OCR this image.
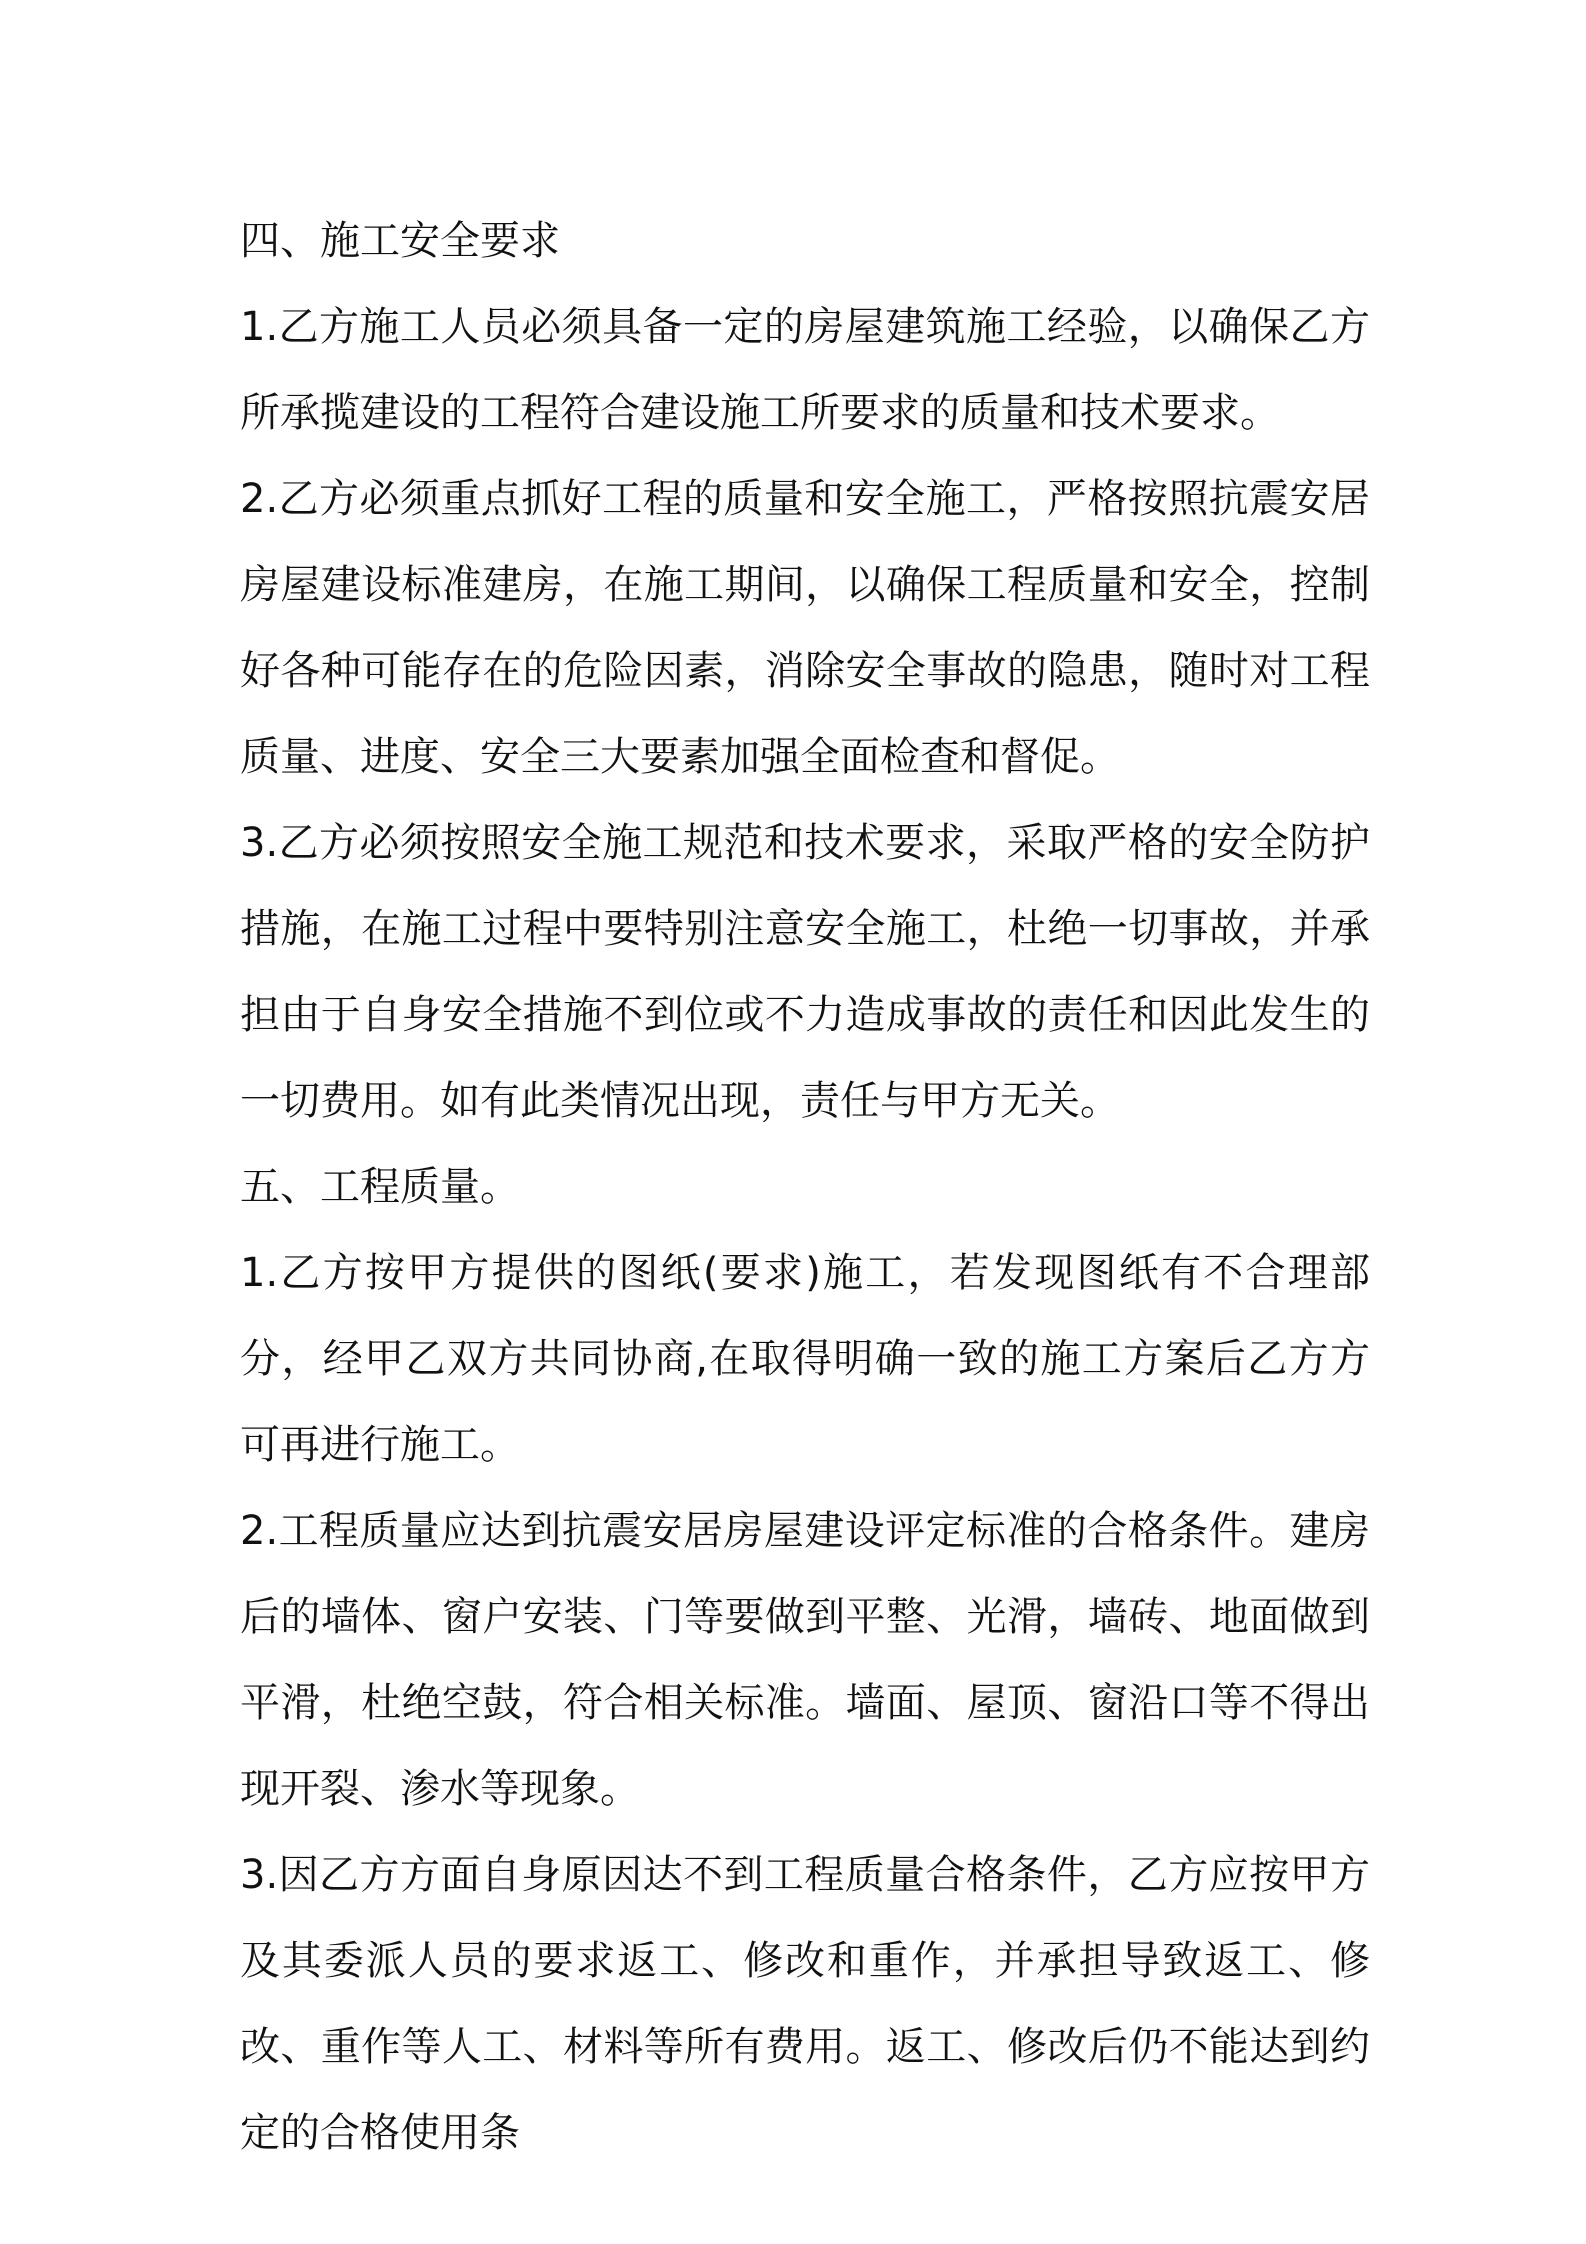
四、施工安全要求

1.乙方施工人员必须具备一定的房屋建筑施工经验，以确保乙方所承揽建设的工程符合建设施工所要求的质量和技术要求。

2.乙方必须重点抓好工程的质量和安全施工，严格按照抗震安居房屋建设标准建房，在施工期间，以确保工程质量和安全，控制好各种可能存在的危险因素，消除安全事故的隐患，随时对工程质量、进度、安全三大要素加强全面检查和督促。

3.乙方必须按照安全施工规范和技术要求，采取严格的安全防护措施，在施工过程中要特别注意安全施工，杜绝一切事故，并承担由于自身安全措施不到位或不力造成事故的责任和因此发生的一切费用。如有此类情况出现，责任与甲方无关。

五、工程质量。

1.乙方按甲方提供的图纸(要求)施工，若发现图纸有不合理部分，经甲乙双方共同协商,在取得明确一致的施工方案后乙方方可再进行施工。

2.工程质量应达到抗震安居房屋建设评定标准的合格条件。建房后的墙体、窗户安装、门等要做到平整、光滑，墙砖、地面做到平滑，杜绝空鼓，符合相关标准。墙面、屋顶、窗沿口等不得出现开裂、渗水等现象。

3.因乙方方面自身原因达不到工程质量合格条件，乙方应按甲方及其委派人员的要求返工、修改和重作，并承担导致返工、修改、重作等人工、材料等所有费用。返工、修改后仍不能达到约定的合格使用条
